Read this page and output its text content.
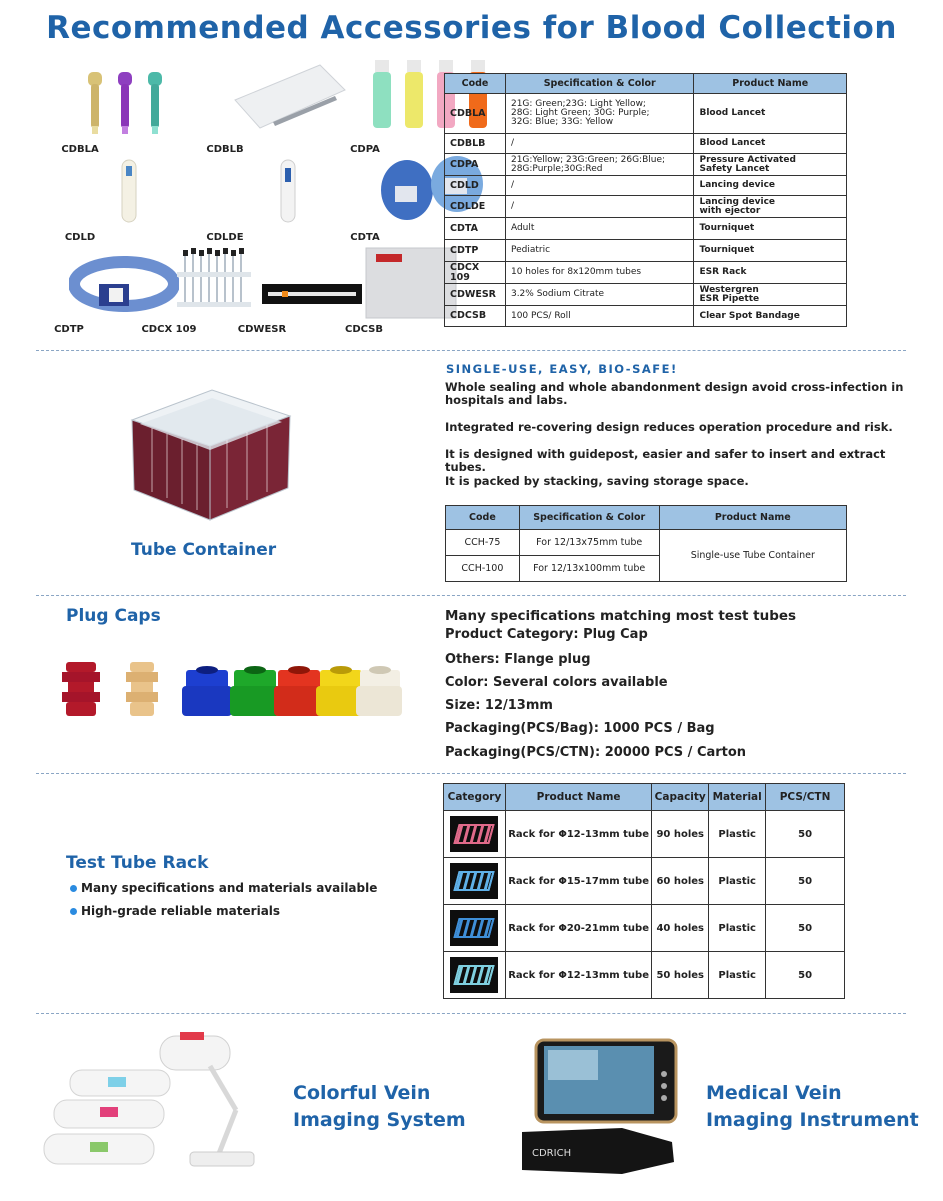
Recommended Accessories for Blood Collection
CDBLA	CDBLB	CDPA
CDLD	CDLDE	CDTA
CDTP	CDCX 109	CDWESR	CDCSB
Code	Specification & Color	Product Name
CDBLA	21G: Green;23G: Light Yellow;
28G: Light Green; 30G: Purple;
32G: Blue; 33G: Yellow	Blood Lancet
CDBLB	/	Blood Lancet
CDPA	21G:Yellow; 23G:Green; 26G:Blue;
28G:Purple;30G:Red	Pressure Activated
Safety Lancet
CDLD	/	Lancing device
CDLDE	/	Lancing device
with ejector
CDTA	Adult	Tourniquet
CDTP	Pediatric	Tourniquet
CDCX 109	10 holes for 8x120mm tubes	ESR Rack
CDWESR	3.2% Sodium Citrate	Westergren
ESR Pipette
CDCSB	100 PCS/ Roll	Clear Spot Bandage
Tube Container
SINGLE-USE, EASY, BIO-SAFE!
Whole sealing and whole abandonment design avoid cross-infection in hospitals and labs.
Integrated re-covering design reduces operation procedure and risk.
It is designed with guidepost, easier and safer to insert and extract tubes.
It is packed by stacking, saving storage space.
Code	Specification & Color	Product Name
CCH-75	For 12/13x75mm tube	Single-use Tube Container
CCH-100	For 12/13x100mm tube	
Plug Caps	Many specifications matching most test tubes
Product Category: Plug Cap
Others: Flange plug
Color: Several colors available
Size: 12/13mm
Packaging(PCS/Bag): 1000 PCS / Bag
Packaging(PCS/CTN): 20000 PCS / Carton
Test Tube Rack
Many specifications and materials available
High-grade reliable materials
Category	Product Name	Capacity	Material	PCS/CTN

	Rack for Φ12-13mm tube	90 holes	Plastic	50

	Rack for Φ15-17mm tube	60 holes	Plastic	50

	Rack for Φ20-21mm tube	40 holes	Plastic	50

	Rack for Φ12-13mm tube	50 holes	Plastic	50
Colorful Vein
Imaging System
CDRICH
Medical Vein
Imaging Instrument
